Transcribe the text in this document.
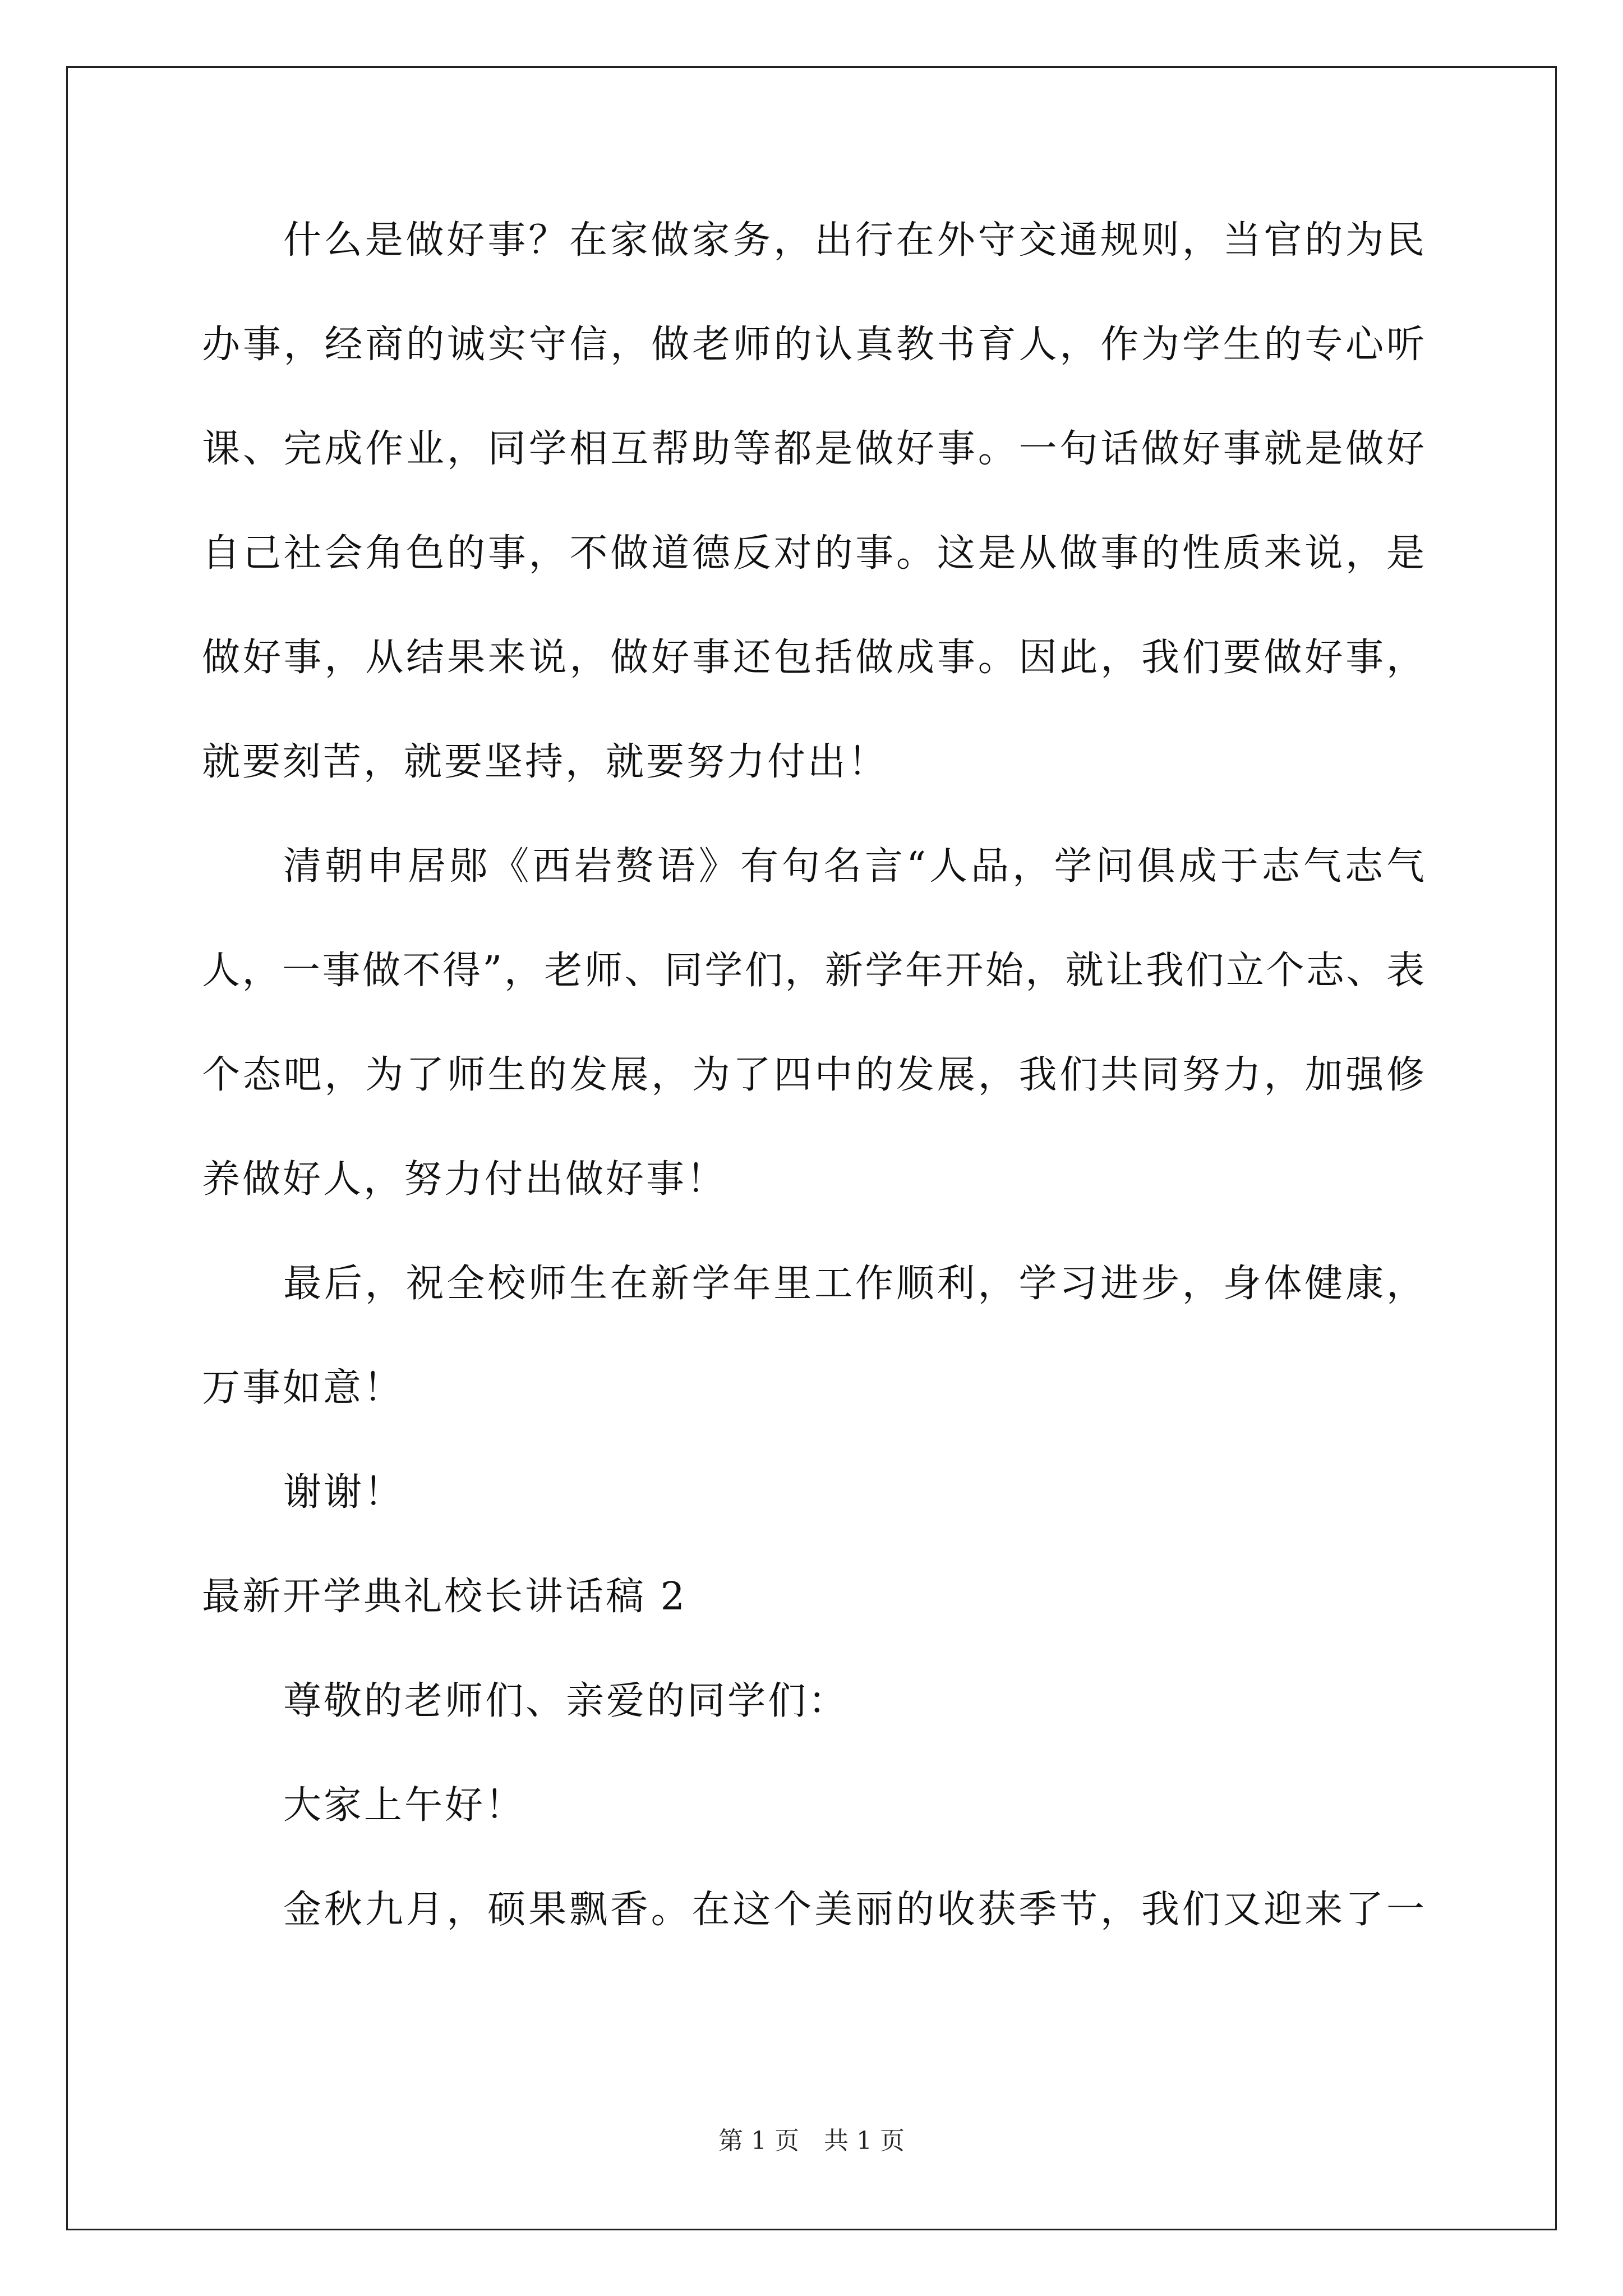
什么是做好事？在家做家务，出行在外守交通规则，当官的为民
办事，经商的诚实守信，做老师的认真教书育人，作为学生的专心听
课、完成作业，同学相互帮助等都是做好事。一句话做好事就是做好
自己社会角色的事，不做道德反对的事。这是从做事的性质来说，是
做好事，从结果来说，做好事还包括做成事。因此，我们要做好事，
就要刻苦，就要坚持，就要努力付出！
清朝申居郧《西岩赘语》有句名言“人品，学问俱成于志气志气
人，一事做不得”，老师、同学们，新学年开始，就让我们立个志、表
个态吧，为了师生的发展，为了四中的发展，我们共同努力，加强修
养做好人，努力付出做好事！
最后，祝全校师生在新学年里工作顺利，学习进步，身体健康，
万事如意！
谢谢！
最新开学典礼校长讲话稿 2
尊敬的老师们、亲爱的同学们：
大家上午好！
金秋九月，硕果飘香。在这个美丽的收获季节，我们又迎来了一
第 1 页　共 1 页
